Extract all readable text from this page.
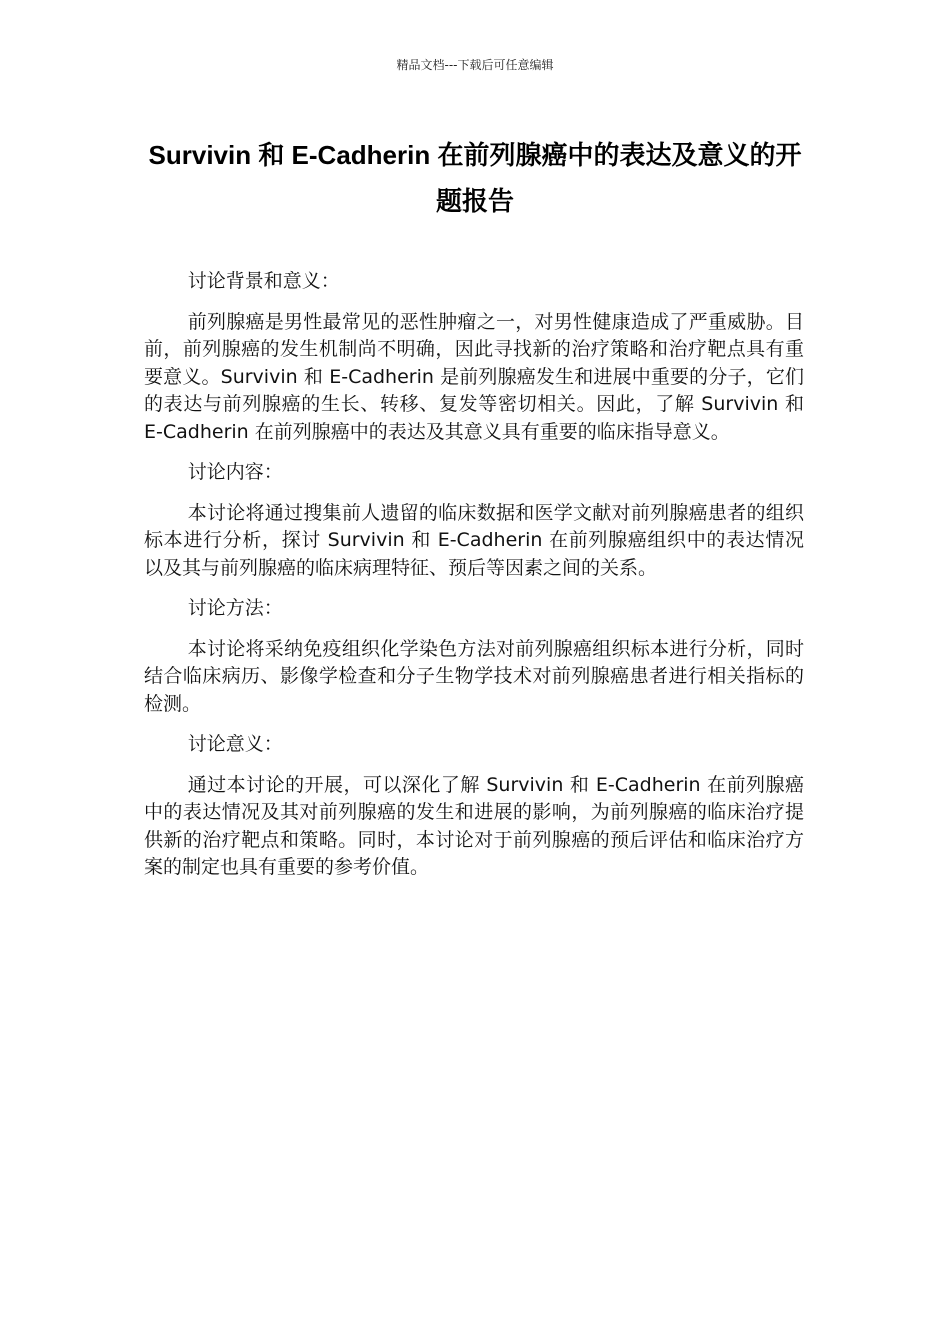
精品文档---下载后可任意编辑
Survivin 和 E-Cadherin 在前列腺癌中的表达及意义的开题报告

讨论背景和意义：

前列腺癌是男性最常见的恶性肿瘤之一，对男性健康造成了严重威胁。目前，前列腺癌的发生机制尚不明确，因此寻找新的治疗策略和治疗靶点具有重要意义。Survivin 和 E-Cadherin 是前列腺癌发生和进展中重要的分子，它们的表达与前列腺癌的生长、转移、复发等密切相关。因此，了解 Survivin 和 E-Cadherin 在前列腺癌中的表达及其意义具有重要的临床指导意义。

讨论内容：

本讨论将通过搜集前人遗留的临床数据和医学文献对前列腺癌患者的组织标本进行分析，探讨 Survivin 和 E-Cadherin 在前列腺癌组织中的表达情况以及其与前列腺癌的临床病理特征、预后等因素之间的关系。

讨论方法：

本讨论将采纳免疫组织化学染色方法对前列腺癌组织标本进行分析，同时结合临床病历、影像学检查和分子生物学技术对前列腺癌患者进行相关指标的检测。

讨论意义：

通过本讨论的开展，可以深化了解 Survivin 和 E-Cadherin 在前列腺癌中的表达情况及其对前列腺癌的发生和进展的影响，为前列腺癌的临床治疗提供新的治疗靶点和策略。同时，本讨论对于前列腺癌的预后评估和临床治疗方案的制定也具有重要的参考价值。
